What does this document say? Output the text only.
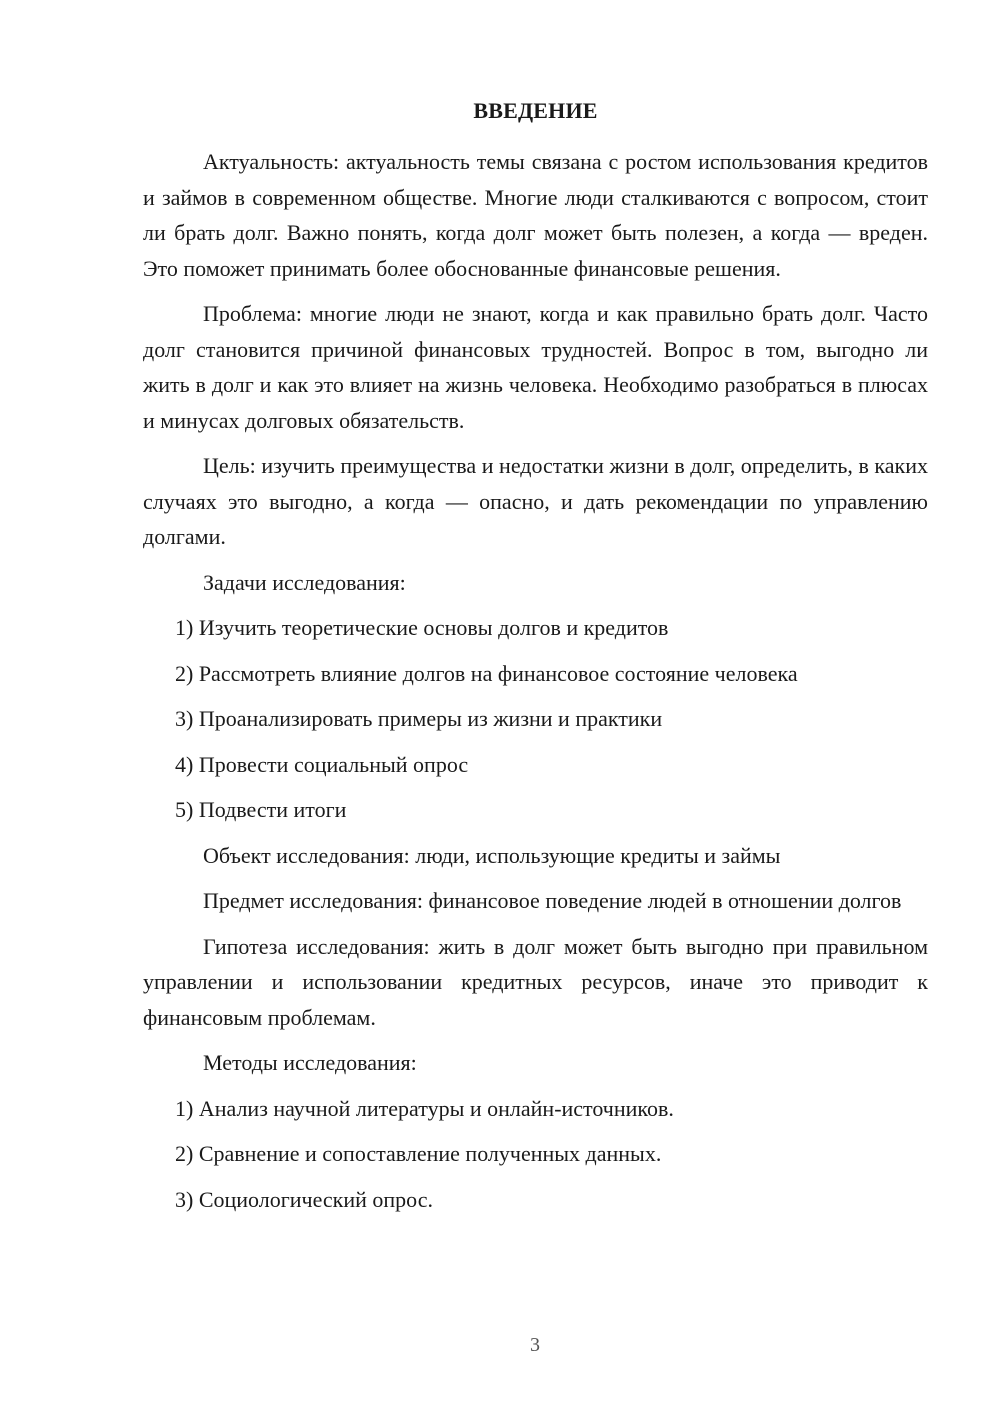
ВВЕДЕНИЕ

Актуальность: актуальность темы связана с ростом использования кредитов и займов в современном обществе. Многие люди сталкиваются с вопросом, стоит ли брать долг. Важно понять, когда долг может быть полезен, а когда — вреден. Это поможет принимать более обоснованные финансовые решения.

Проблема: многие люди не знают, когда и как правильно брать долг. Часто долг становится причиной финансовых трудностей. Вопрос в том, выгодно ли жить в долг и как это влияет на жизнь человека. Необходимо разобраться в плюсах и минусах долговых обязательств.

Цель: изучить преимущества и недостатки жизни в долг, определить, в каких случаях это выгодно, а когда — опасно, и дать рекомендации по управлению долгами.

Задачи исследования:

1) Изучить теоретические основы долгов и кредитов

2) Рассмотреть влияние долгов на финансовое состояние человека

3) Проанализировать примеры из жизни и практики

4) Провести социальный опрос

5) Подвести итоги

Объект исследования: люди, использующие кредиты и займы

Предмет исследования: финансовое поведение людей в отношении долгов

Гипотеза исследования: жить в долг может быть выгодно при правильном управлении и использовании кредитных ресурсов, иначе это приводит к финансовым проблемам.

Методы исследования:

1) Анализ научной литературы и онлайн-источников.

2) Сравнение и сопоставление полученных данных.

3) Социологический опрос.

3
